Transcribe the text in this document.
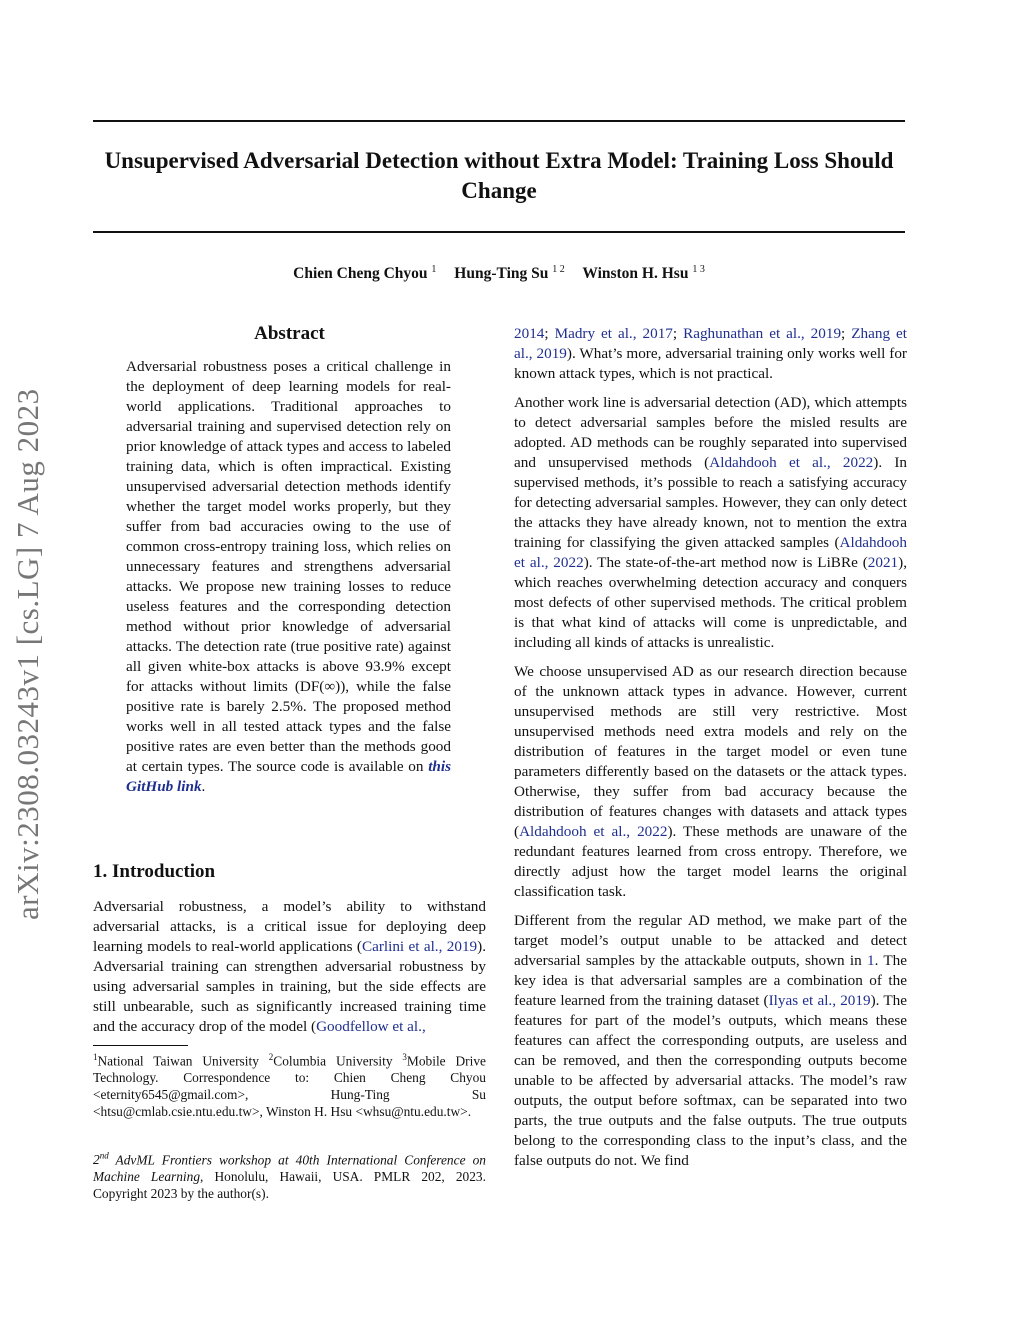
Unsupervised Adversarial Detection without Extra Model: Training Loss Should Change
Chien Cheng Chyou $^1$ Hung-Ting Su $^{1 2}$ Winston H. Hsu $^{1 3}$
arXiv:2308.03243v1 [cs.LG] 7 Aug 2023
Abstract
Adversarial robustness poses a critical challenge in the deployment of deep learning models for real-world applications. Traditional approaches to adversarial training and supervised detection rely on prior knowledge of attack types and access to labeled training data, which is often impractical. Existing unsupervised adversarial detection methods identify whether the target model works properly, but they suffer from bad accuracies owing to the use of common cross-entropy training loss, which relies on unnecessary features and strengthens adversarial attacks. We propose new training losses to reduce useless features and the corresponding detection method without prior knowledge of adversarial attacks. The detection rate (true positive rate) against all given white-box attacks is above 93.9% except for attacks without limits (DF(∞)), while the false positive rate is barely 2.5%. The proposed method works well in all tested attack types and the false positive rates are even better than the methods good at certain types. The source code is available on this GitHub link.
1. Introduction

Adversarial robustness, a model’s ability to withstand adversarial attacks, is a critical issue for deploying deep learning models to real-world applications (Carlini et al., 2019). Adversarial training can strengthen adversarial robustness by using adversarial samples in training, but the side effects are still unbearable, such as significantly increased training time and the accuracy drop of the model (Goodfellow et al.,

$^1$National Taiwan University $^2$Columbia University $^3$Mobile Drive Technology. Correspondence to: Chien Cheng Chyou <eternity6545@gmail.com>, Hung-Ting Su <htsu@cmlab.csie.ntu.edu.tw>, Winston H. Hsu <whsu@ntu.edu.tw>.
2nd AdvML Frontiers workshop at 40th International Conference on Machine Learning, Honolulu, Hawaii, USA. PMLR 202, 2023. Copyright 2023 by the author(s).

2014; Madry et al., 2017; Raghunathan et al., 2019; Zhang et al., 2019). What’s more, adversarial training only works well for known attack types, which is not practical.

Another work line is adversarial detection (AD), which attempts to detect adversarial samples before the misled results are adopted. AD methods can be roughly separated into supervised and unsupervised methods (Aldahdooh et al., 2022). In supervised methods, it’s possible to reach a satisfying accuracy for detecting adversarial samples. However, they can only detect the attacks they have already known, not to mention the extra training for classifying the given attacked samples (Aldahdooh et al., 2022). The state-of-the-art method now is LiBRe (2021), which reaches overwhelming detection accuracy and conquers most defects of other supervised methods. The critical problem is that what kind of attacks will come is unpredictable, and including all kinds of attacks is unrealistic.

We choose unsupervised AD as our research direction because of the unknown attack types in advance. However, current unsupervised methods are still very restrictive. Most unsupervised methods need extra models and rely on the distribution of features in the target model or even tune parameters differently based on the datasets or the attack types. Otherwise, they suffer from bad accuracy because the distribution of features changes with datasets and attack types (Aldahdooh et al., 2022). These methods are unaware of the redundant features learned from cross entropy. Therefore, we directly adjust how the target model learns the original classification task.

Different from the regular AD method, we make part of the target model’s output unable to be attacked and detect adversarial samples by the attackable outputs, shown in 1. The key idea is that adversarial samples are a combination of the feature learned from the training dataset (Ilyas et al., 2019). The features for part of the model’s outputs, which means these features can affect the corresponding outputs, are useless and can be removed, and then the corresponding outputs become unable to be affected by adversarial attacks. The model’s raw outputs, the output before softmax, can be separated into two parts, the true outputs and the false outputs. The true outputs belong to the corresponding class to the input’s class, and the false outputs do not. We find
